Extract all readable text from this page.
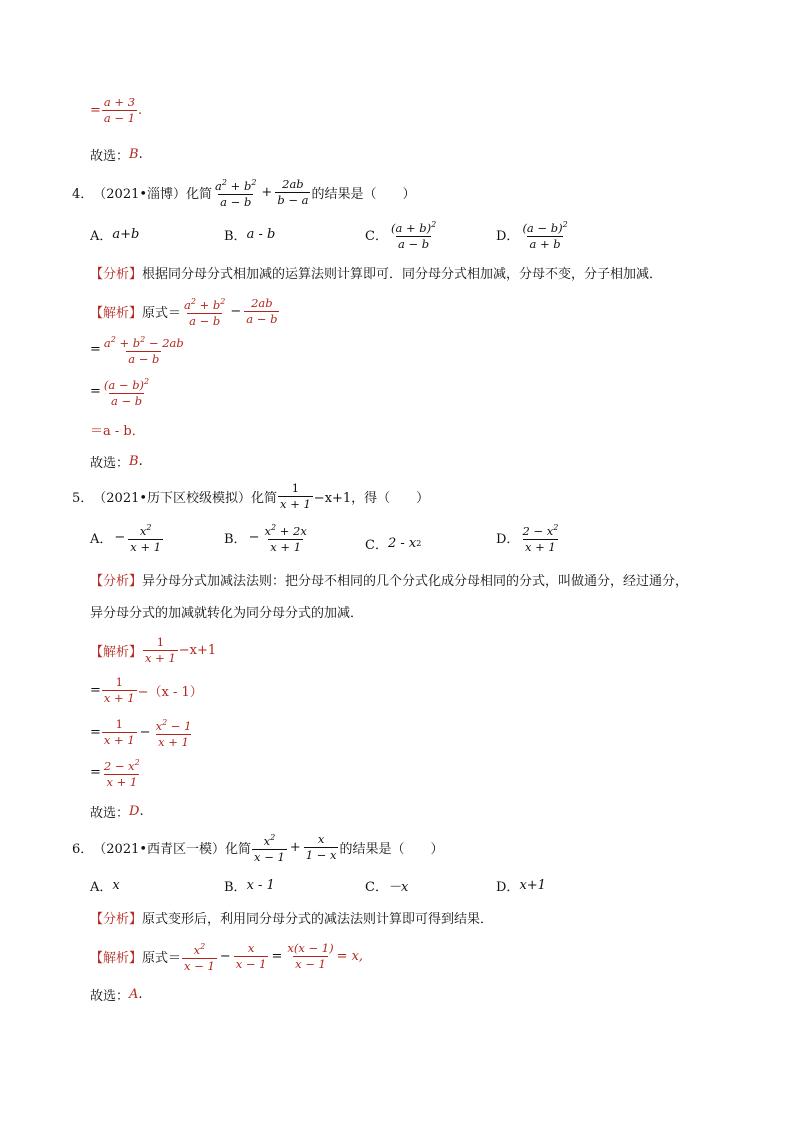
= $\frac{a + 3}{a - 1}$ .
故选： B .
4． （2021•淄博）化简
$a^2 + b^2$
a − b
+ $\frac{2ab}{b - a}$ 的结果是（　　）
A． a+b	B． a - b	C．
$(a + b)^2$
a − b	D．
$(a - b)^2$
a + b
【分析】 根据同分母分式相加减的运算法则计算即可．同分母分式相加减，分母不变，分子相加减．
【解析】 原式＝
$a^2 + b^2$
a − b
− $\frac{2ab}{a - b}$
= $\frac{a^2 + b^2 - 2ab}{a - b}$
= $\frac{(a - b)^2}{a - b}$
＝a - b．
故选： B .
5． （2021•历下区校级模拟）化简
1
x + 1 −x+1，得（　　）
A． − $\frac{x^2}{x + 1}$	B． − $\frac{x^2 + 2x}{x + 1}$	C． 2 - x 2	D．
$2 - x^2$
x + 1
【分析】 异分母分式加减法法则：把分母不相同的几个分式化成分母相同的分式，叫做通分，经过通分，
异分母分式的加减就转化为同分母分式的加减．
【解析】
1
x + 1 −x+1
= $\frac{1}{x + 1} -(x - 1)$
= $\frac{1}{x + 1} - \frac{x^2 - 1}{x + 1}$
= $\frac{2 - x^2}{x + 1}$
故选： D .
6． （2021•西青区一模）化简
$x^2$
x − 1
+ $\frac{x}{1 - x}$ 的结果是（　　）
A． x	B． x - 1	C． －x	D． x+1
【分析】 原式变形后，利用同分母分式的减法法则计算即可得到结果．
【解析】 原式＝
$x^2$
x − 1
− $\frac{x}{x - 1} = \frac{x(x - 1)}{x - 1} = x$,
故选： A .
